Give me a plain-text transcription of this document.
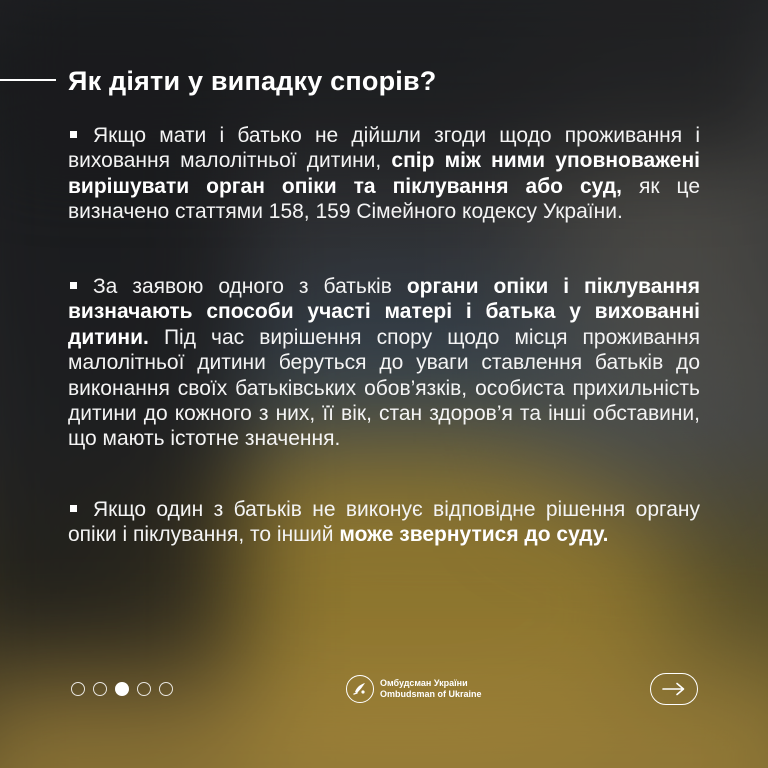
Як діяти у випадку спорів?

Якщо мати і батько не дійшли згоди щодо проживання і виховання малолітньої дитини, спір між ними уповноважені вирішувати орган опіки та піклування або суд, як це визначено статтями 158, 159 Сімейного кодексу України.

За заявою одного з батьків органи опіки і піклування визначають способи участі матері і батька у вихованні дитини. Під час вирішення спору щодо місця проживання малолітньої дитини беруться до уваги ставлення батьків до виконання своїх батьківських обов’язків, особиста прихильність дитини до кожного з них, її вік, стан здоров’я та інші обставини, що мають істотне значення.

Якщо один з батьків не виконує відповідне рішення органу опіки і піклування, то інший може звернутися до суду.

Омбудсман України
Ombudsman of Ukraine
